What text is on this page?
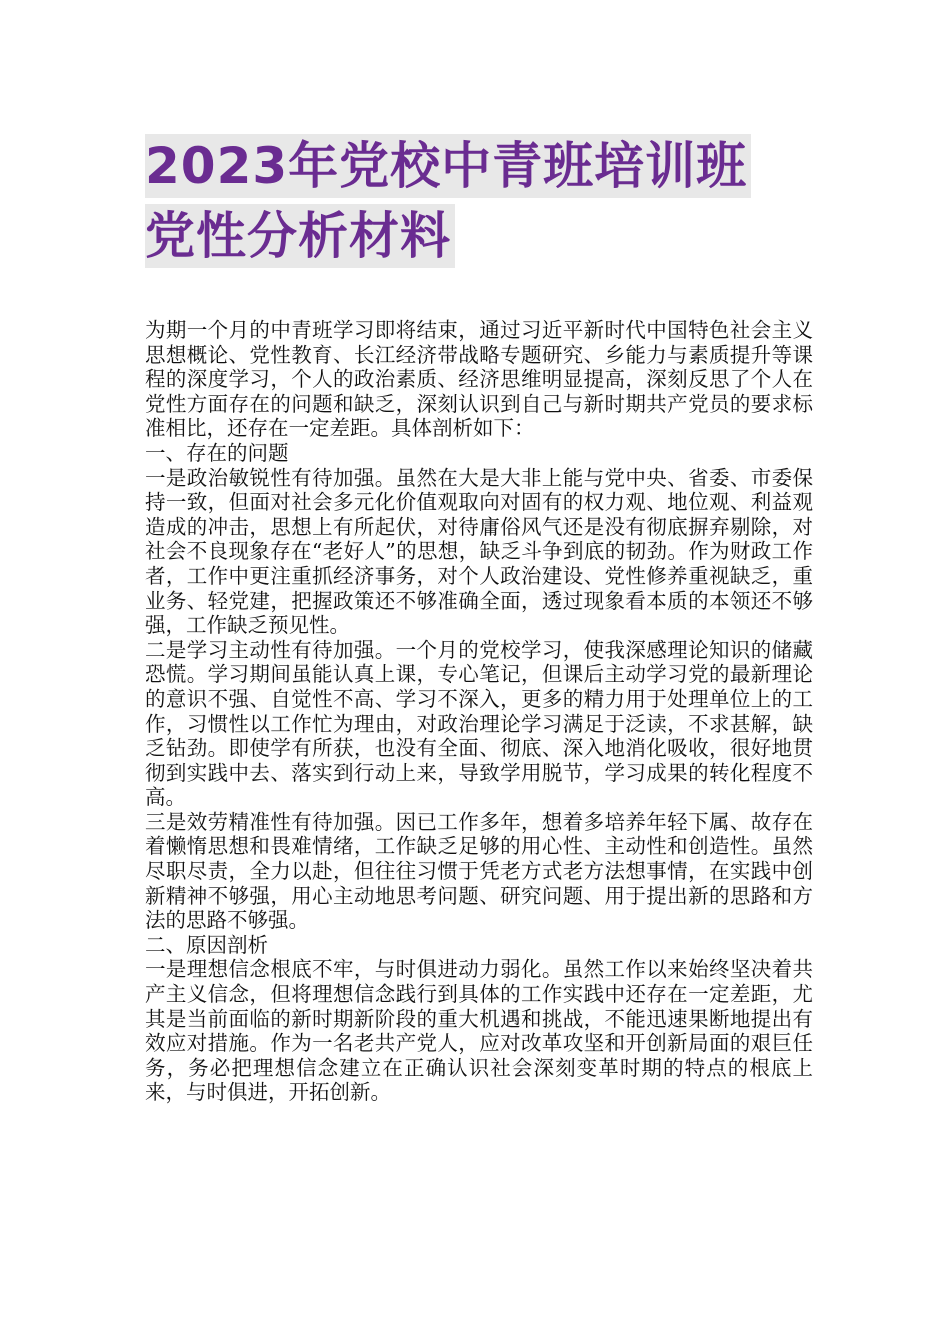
2023年党校中青班培训班
党性分析材料

为期一个月的中青班学习即将结束，通过习近平新时代中国特色社会主义思想概论、党性教育、长江经济带战略专题研究、乡能力与素质提升等课程的深度学习，个人的政治素质、经济思维明显提高，深刻反思了个人在党性方面存在的问题和缺乏，深刻认识到自己与新时期共产党员的要求标准相比，还存在一定差距。具体剖析如下：

一、存在的问题

一是政治敏锐性有待加强。虽然在大是大非上能与党中央、省委、市委保持一致，但面对社会多元化价值观取向对固有的权力观、地位观、利益观造成的冲击，思想上有所起伏，对待庸俗风气还是没有彻底摒弃剔除，对社会不良现象存在“老好人”的思想，缺乏斗争到底的韧劲。作为财政工作者，工作中更注重抓经济事务，对个人政治建设、党性修养重视缺乏，重业务、轻党建，把握政策还不够准确全面，透过现象看本质的本领还不够强，工作缺乏预见性。

二是学习主动性有待加强。一个月的党校学习，使我深感理论知识的储藏恐慌。学习期间虽能认真上课，专心笔记，但课后主动学习党的最新理论的意识不强、自觉性不高、学习不深入，更多的精力用于处理单位上的工作，习惯性以工作忙为理由，对政治理论学习满足于泛读，不求甚解，缺乏钻劲。即使学有所获，也没有全面、彻底、深入地消化吸收，很好地贯彻到实践中去、落实到行动上来，导致学用脱节，学习成果的转化程度不高。

三是效劳精准性有待加强。因已工作多年，想着多培养年轻下属、故存在着懒惰思想和畏难情绪，工作缺乏足够的用心性、主动性和创造性。虽然尽职尽责，全力以赴，但往往习惯于凭老方式老方法想事情，在实践中创新精神不够强，用心主动地思考问题、研究问题、用于提出新的思路和方法的思路不够强。

二、原因剖析

一是理想信念根底不牢，与时俱进动力弱化。虽然工作以来始终坚决着共产主义信念，但将理想信念践行到具体的工作实践中还存在一定差距，尤其是当前面临的新时期新阶段的重大机遇和挑战，不能迅速果断地提出有效应对措施。作为一名老共产党人，应对改革攻坚和开创新局面的艰巨任务，务必把理想信念建立在正确认识社会深刻变革时期的特点的根底上来，与时俱进，开拓创新。
